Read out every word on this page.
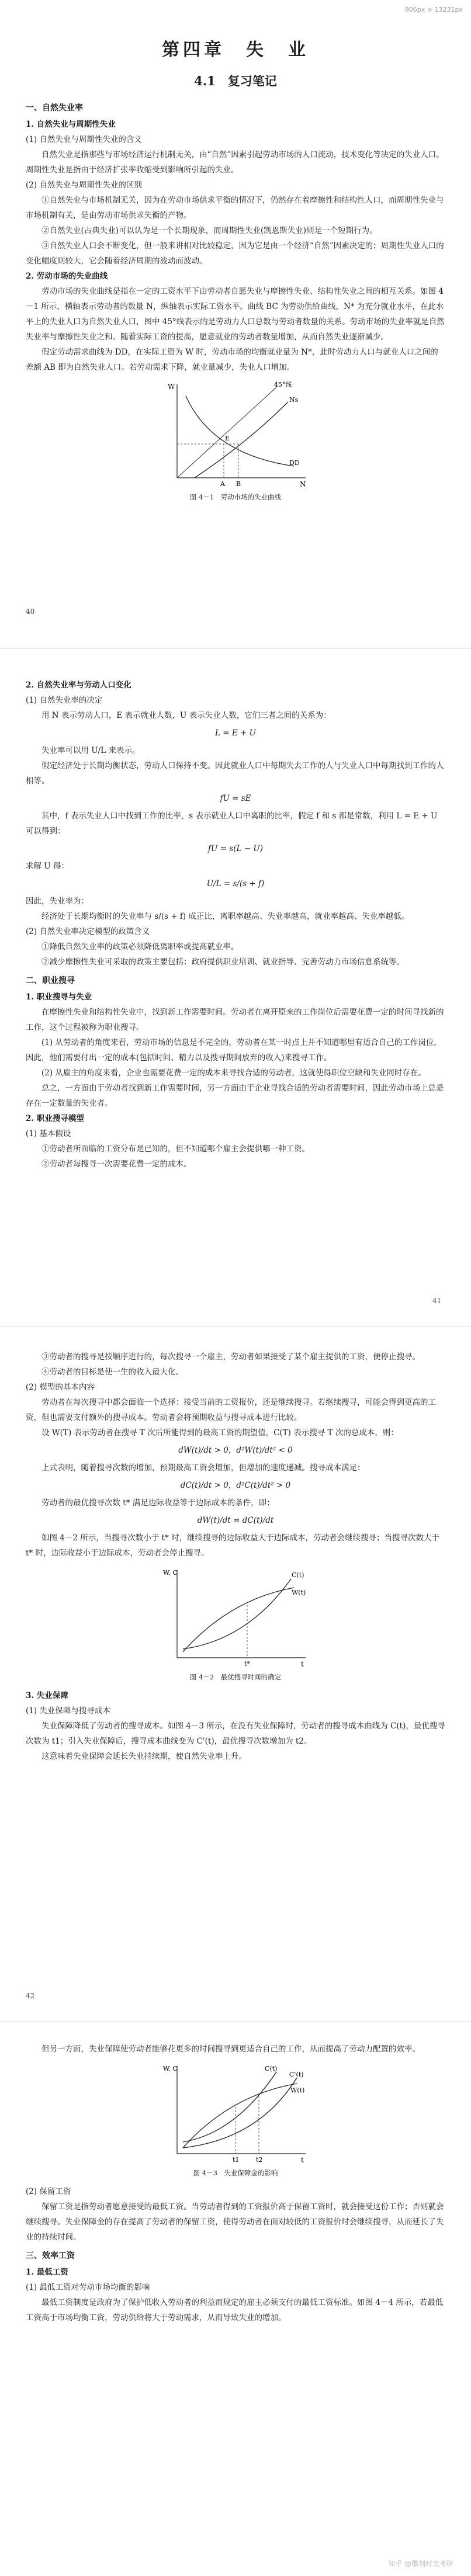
806px × 13231px
第四章　失　业
4.1　复习笔记
一、自然失业率
1. 自然失业与周期性失业

(1) 自然失业与周期性失业的含义

自然失业是指那些与市场经济运行机制无关，由“自然”因素引起劳动市场的人口流动，技术变化等决定的失业人口。周期性失业是指由于经济扩张率收缩受到影响所引起的失业。

(2) 自然失业与周期性失业的区别

①自然失业与市场机制无关，因为在劳动市场供求平衡的情况下，仍然存在着摩擦性和结构性人口，而周期性失业与市场机制有关，是由劳动市场供求失衡的产物。

②自然失业(古典失业)可以认为是一个长期现象，而周期性失业(凯恩斯失业)则是一个短期行为。

③自然失业人口会不断变化，但一般来讲相对比较稳定，因为它是由一个经济“自然”因素决定的；周期性失业人口的变化幅度则较大，它会随着经济周期的波动而波动。

2. 劳动市场的失业曲线

劳动市场的失业曲线是指在一定的工资水平下由劳动者自愿失业与摩擦性失业、结构性失业之间的相互关系。如图 4－1 所示，横轴表示劳动者的数量 N，纵轴表示实际工资水平。曲线 BC 为劳动供给曲线，N* 为充分就业水平，在此水平上的失业人口为自然失业人口，图中 45°线表示的是劳动力人口总数与劳动者数量的关系。劳动市场的失业率就是自然失业率与摩擦性失业之和。随着实际工资的提高，愿意就业的劳动者数量增加，从而自然失业逐渐减少。

假定劳动需求曲线为 DD，在实际工资为 W 时，劳动市场的均衡就业量为 N*，此时劳动力人口与就业人口之间的差额 AB 即为自然失业人口。若劳动需求下降，就业量减少，失业人口增加。

W
N
45°线
DD
Ns
E
A B
图 4－1　劳动市场的失业曲线
40
2. 自然失业率与劳动人口变化

(1) 自然失业率的决定

用 N 表示劳动人口，E 表示就业人数，U 表示失业人数，它们三者之间的关系为：

L = E + U

失业率可以用 U/L 来表示。

假定经济处于长期均衡状态，劳动人口保持不变。因此就业人口中每期失去工作的人与失业人口中每期找到工作的人相等。

fU = sE

其中，f 表示失业人口中找到工作的比率，s 表示就业人口中离职的比率，假定 f 和 s 都是常数，利用 L = E + U 可以得到：

fU = s(L − U)

求解 U 得：

U/L = s/(s + f)

因此，失业率为：

经济处于长期均衡时的失业率与 s/(s + f) 成正比，离职率越高、失业率越高，就业率越高、失业率越低。

(2) 自然失业率决定模型的政策含义

①降低自然失业率的政策必须降低离职率或提高就业率。

②减少摩擦性失业可采取的政策主要包括：政府提供职业培训、就业指导、完善劳动力市场信息系统等。

二、职业搜寻
1. 职业搜寻与失业

在摩擦性失业和结构性失业中，找到新工作需要时间。劳动者在离开原来的工作岗位后需要花费一定的时间寻找新的工作，这个过程被称为职业搜寻。

(1) 从劳动者的角度来看，劳动市场的信息是不完全的，劳动者在某一时点上并不知道哪里有适合自己的工作岗位，因此，他们需要付出一定的成本(包括时间、精力以及搜寻期间放弃的收入)来搜寻工作。

(2) 从雇主的角度来看，企业也需要花费一定的成本来寻找合适的劳动者，这就使得职位空缺和失业同时存在。

总之，一方面由于劳动者找到新工作需要时间，另一方面由于企业寻找合适的劳动者需要时间，因此劳动市场上总是存在一定数量的失业者。

2. 职业搜寻模型

(1) 基本假设

①劳动者所面临的工资分布是已知的，但不知道哪个雇主会提供哪一种工资。

②劳动者每搜寻一次需要花费一定的成本。

41

③劳动者的搜寻是按顺序进行的，每次搜寻一个雇主，劳动者如果接受了某个雇主提供的工资，便停止搜寻。

④劳动者的目标是使一生的收入最大化。

(2) 模型的基本内容

劳动者在每次搜寻中都会面临一个选择：接受当前的工资报价，还是继续搜寻。若继续搜寻，可能会得到更高的工资，但也需要支付额外的搜寻成本。劳动者会将预期收益与搜寻成本进行比较。

设 W(T) 表示劳动者在搜寻 T 次后所能得到的最高工资的期望值，C(T) 表示搜寻 T 次的总成本，则：

dW(t)/dt > 0，d²W(t)/dt² < 0

上式表明，随着搜寻次数的增加，预期最高工资会增加，但增加的速度递减。搜寻成本满足：

dC(t)/dt > 0，d²C(t)/dt² > 0

劳动者的最优搜寻次数 t* 满足边际收益等于边际成本的条件，即：

dW(t)/dt = dC(t)/dt

如图 4－2 所示，当搜寻次数小于 t* 时，继续搜寻的边际收益大于边际成本，劳动者会继续搜寻；当搜寻次数大于 t* 时，边际收益小于边际成本，劳动者会停止搜寻。

W, C
t
C(t)
W(t)
t*
图 4－2　最优搜寻时间的确定
3. 失业保障

(1) 失业保障与搜寻成本

失业保障降低了劳动者的搜寻成本。如图 4－3 所示，在没有失业保障时，劳动者的搜寻成本曲线为 C(t)，最优搜寻次数为 t1；引入失业保障后，搜寻成本曲线变为 C'(t)，最优搜寻次数增加为 t2。

这意味着失业保障会延长失业持续期，使自然失业率上升。

42

但另一方面，失业保障使劳动者能够花更多的时间搜寻到更适合自己的工作，从而提高了劳动力配置的效率。

W, C
t
C(t)
C'(t)
W(t)
t1	t2
图 4－3　失业保障金的影响

(2) 保留工资

保留工资是指劳动者愿意接受的最低工资。当劳动者得到的工资报价高于保留工资时，就会接受这份工作；否则就会继续搜寻。失业保障金的存在提高了劳动者的保留工资，使得劳动者在面对较低的工资报价时会继续搜寻，从而延长了失业的持续时间。

三、效率工资
1. 最低工资

(1) 最低工资对劳动市场均衡的影响

最低工资制度是政府为了保护低收入劳动者的利益而规定的雇主必须支付的最低工资标准。如图 4－4 所示，若最低工资高于市场均衡工资，劳动供给将大于劳动需求，从而导致失业的增加。

知乎 @雕刻时光考研
